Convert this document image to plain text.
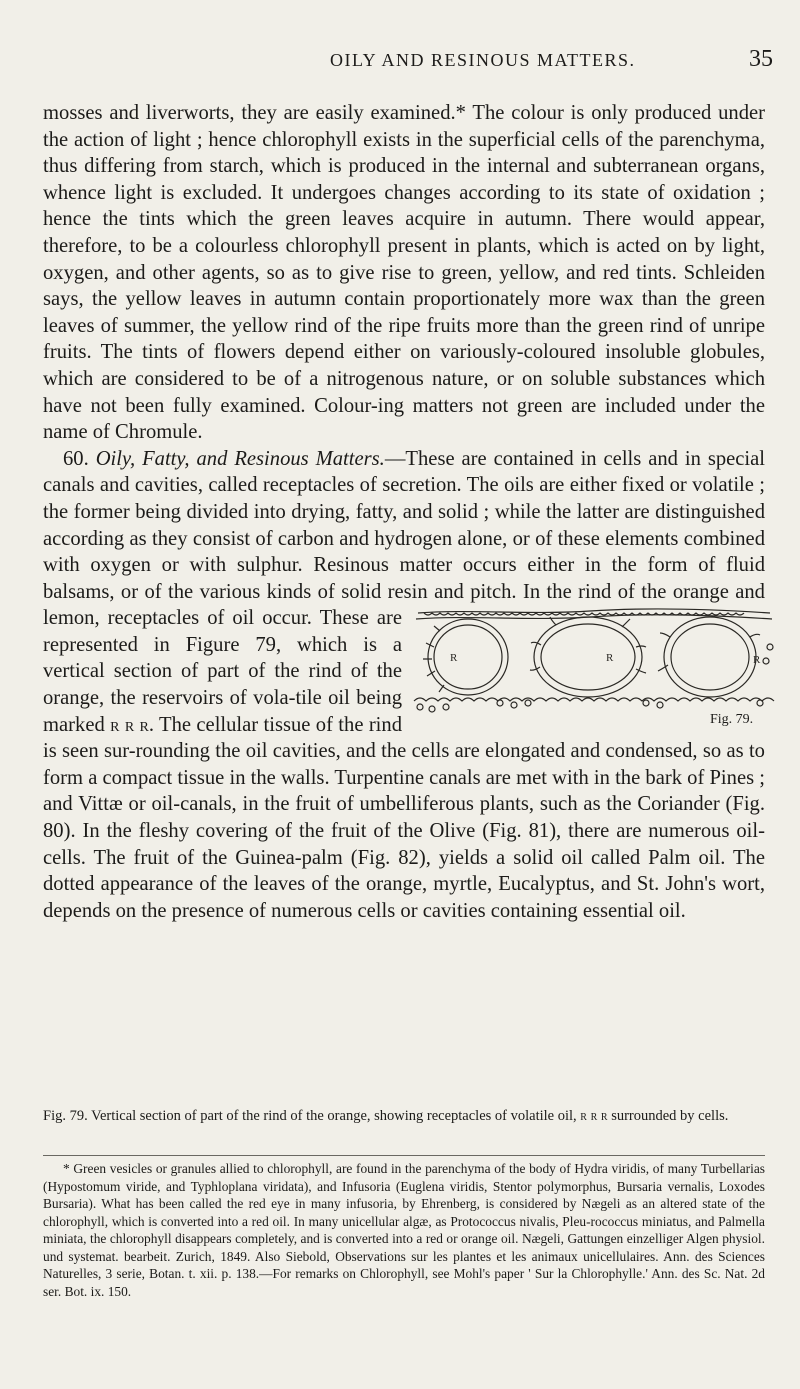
OILY AND RESINOUS MATTERS.	35

mosses and liverworts, they are easily examined.* The colour is only produced under the action of light ; hence chlorophyll exists in the superficial cells of the parenchyma, thus differing from starch, which is produced in the internal and subterranean organs, whence light is excluded. It undergoes changes according to its state of oxidation ; hence the tints which the green leaves acquire in autumn. There would appear, therefore, to be a colourless chlorophyll present in plants, which is acted on by light, oxygen, and other agents, so as to give rise to green, yellow, and red tints. Schleiden says, the yellow leaves in autumn contain proportionately more wax than the green leaves of summer, the yellow rind of the ripe fruits more than the green rind of unripe fruits. The tints of flowers depend either on variously-coloured insoluble globules, which are considered to be of a nitrogenous nature, or on soluble substances which have not been fully examined. Colour-ing matters not green are included under the name of Chromule.

60. Oily, Fatty, and Resinous Matters.—These are contained in cells and in special canals and cavities, called receptacles of secretion. The oils are either fixed or volatile ; the former being divided into drying, fatty, and solid ; while the latter are distinguished according as they consist of carbon and hydrogen alone, or of these elements combined with oxygen or with sulphur. Resinous matter occurs either in the form of fluid balsams, or of the various kinds of solid resin and pitch.
R	R	R
Fig. 79.
In the rind of the orange and lemon, receptacles of oil occur. These are represented in Figure 79, which is a vertical section of part of the rind of the orange, the reservoirs of vola-tile oil being marked r r r. The cellular tissue of the rind is seen sur-rounding the oil cavities, and the cells are elongated and condensed, so as to form a compact tissue in the walls. Turpentine canals are met with in the bark of Pines ; and Vittæ or oil-canals, in the fruit of umbelliferous plants, such as the Coriander (Fig. 80). In the fleshy covering of the fruit of the Olive (Fig. 81), there are numerous oil-cells. The fruit of the Guinea-palm (Fig. 82), yields a solid oil called Palm oil. The dotted appearance of the leaves of the orange, myrtle, Eucalyptus, and St. John's wort, depends on the presence of numerous cells or cavities containing essential oil.

Fig. 79. Vertical section of part of the rind of the orange, showing receptacles of volatile oil, r r r surrounded by cells.

* Green vesicles or granules allied to chlorophyll, are found in the parenchyma of the body of Hydra viridis, of many Turbellarias (Hypostomum viride, and Typhloplana viridata), and Infusoria (Euglena viridis, Stentor polymorphus, Bursaria vernalis, Loxodes Bursaria). What has been called the red eye in many infusoria, by Ehrenberg, is considered by Nægeli as an altered state of the chlorophyll, which is converted into a red oil. In many unicellular algæ, as Protococcus nivalis, Pleu-rococcus miniatus, and Palmella miniata, the chlorophyll disappears completely, and is converted into a red or orange oil. Nægeli, Gattungen einzelliger Algen physiol. und systemat. bearbeit. Zurich, 1849. Also Siebold, Observations sur les plantes et les animaux unicellulaires. Ann. des Sciences Naturelles, 3 serie, Botan. t. xii. p. 138.—For remarks on Chlorophyll, see Mohl's paper ' Sur la Chlorophylle.' Ann. des Sc. Nat. 2d ser. Bot. ix. 150.
